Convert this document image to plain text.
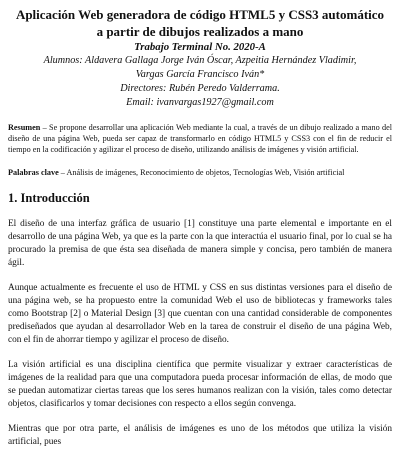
Aplicación Web generadora de código HTML5 y CSS3 automático a partir de dibujos realizados a mano
Trabajo Terminal No. 2020-A
Alumnos: Aldavera Gallaga Jorge Iván Óscar, Azpeitia Hernández Vladimir,
Vargas García Francisco Iván*
Directores: Rubén Peredo Valderrama.
Email: ivanvargas1927@gmail.com
Resumen – Se propone desarrollar una aplicación Web mediante la cual, a través de un dibujo realizado a mano del diseño de una página Web, pueda ser capaz de transformarlo en código HTML5 y CSS3 con el fin de reducir el tiempo en la codificación y agilizar el proceso de diseño, utilizando análisis de imágenes y visión artificial.
Palabras clave – Análisis de imágenes, Reconocimiento de objetos, Tecnologías Web, Visión artificial
1. Introducción

El diseño de una interfaz gráfica de usuario [1] constituye una parte elemental e importante en el desarrollo de una página Web, ya que es la parte con la que interactúa el usuario final, por lo cual se ha procurado la premisa de que ésta sea diseñada de manera simple y concisa, pero también de manera ágil.

Aunque actualmente es frecuente el uso de HTML y CSS en sus distintas versiones para el diseño de una página web, se ha propuesto entre la comunidad Web el uso de bibliotecas y frameworks tales como Bootstrap [2] o Material Design [3] que cuentan con una cantidad considerable de componentes prediseñados que ayudan al desarrollador Web en la tarea de construir el diseño de una página Web, con el fin de ahorrar tiempo y agilizar el proceso de diseño.

La visión artificial es una disciplina científica que permite visualizar y extraer características de imágenes de la realidad para que una computadora pueda procesar información de ellas, de modo que se puedan automatizar ciertas tareas que los seres humanos realizan con la visión, tales como detectar objetos, clasificarlos y tomar decisiones con respecto a ellos según convenga.

Mientras que por otra parte, el análisis de imágenes es uno de los métodos que utiliza la visión artificial, pues
